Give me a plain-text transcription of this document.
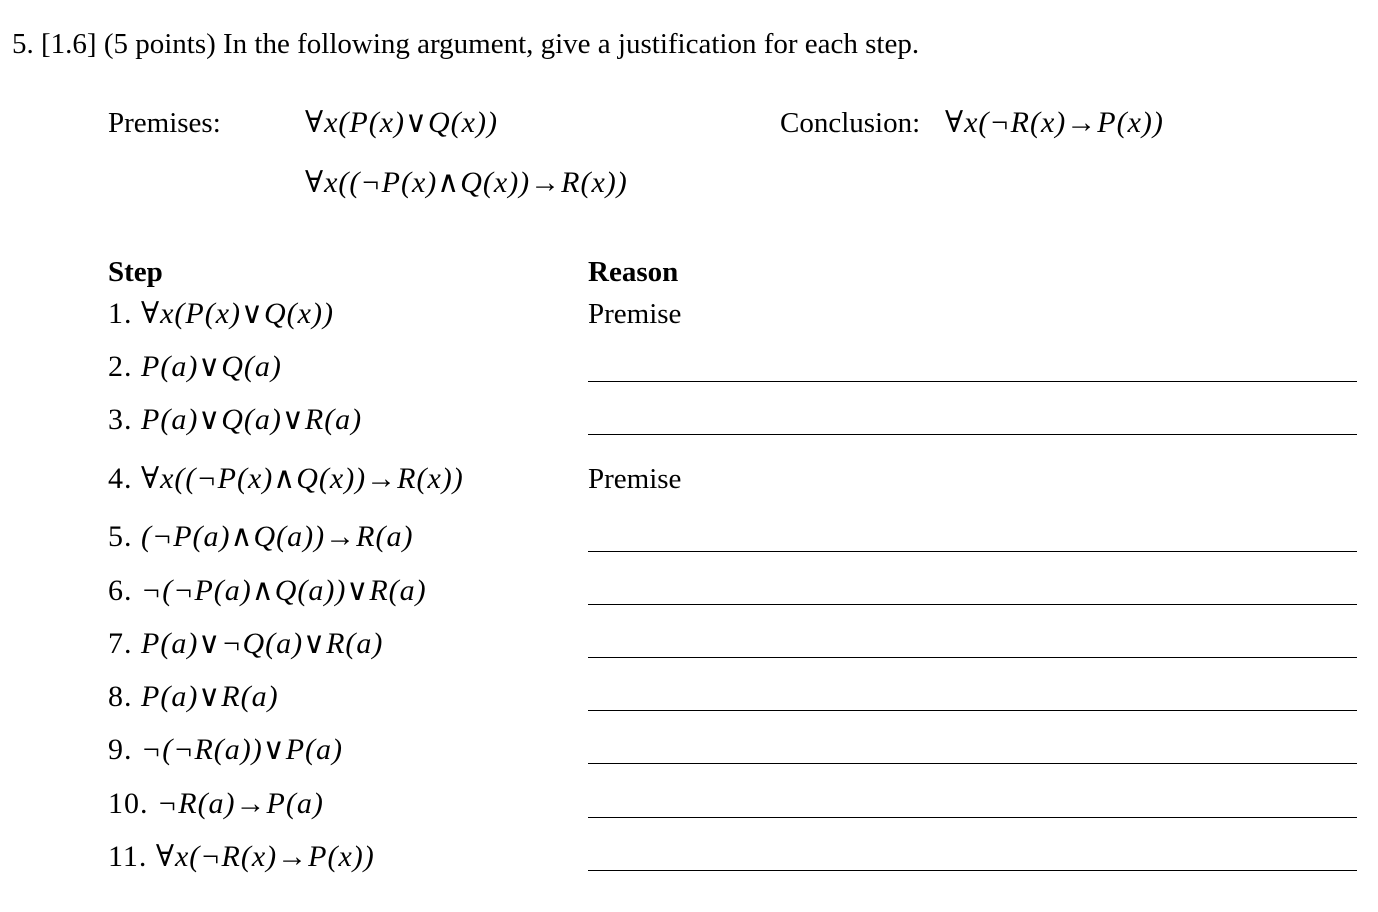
5. [1.6] (5 points) In the following argument, give a justification for each step.
Premises:	∀x(P(x)∨Q(x))
∀x((¬P(x)∧Q(x))→R(x))
Conclusion: ∀x(¬R(x)→P(x))
Step	Reason
1. ∀x(P(x)∨Q(x))	Premise
2. P(a)∨Q(a)
3. P(a)∨Q(a)∨R(a)
4. ∀x((¬P(x)∧Q(x))→R(x))	Premise
5. (¬P(a)∧Q(a))→R(a)
6. ¬(¬P(a)∧Q(a))∨R(a)
7. P(a)∨¬Q(a)∨R(a)
8. P(a)∨R(a)
9. ¬(¬R(a))∨P(a)
10. ¬R(a)→P(a)
11. ∀x(¬R(x)→P(x))
